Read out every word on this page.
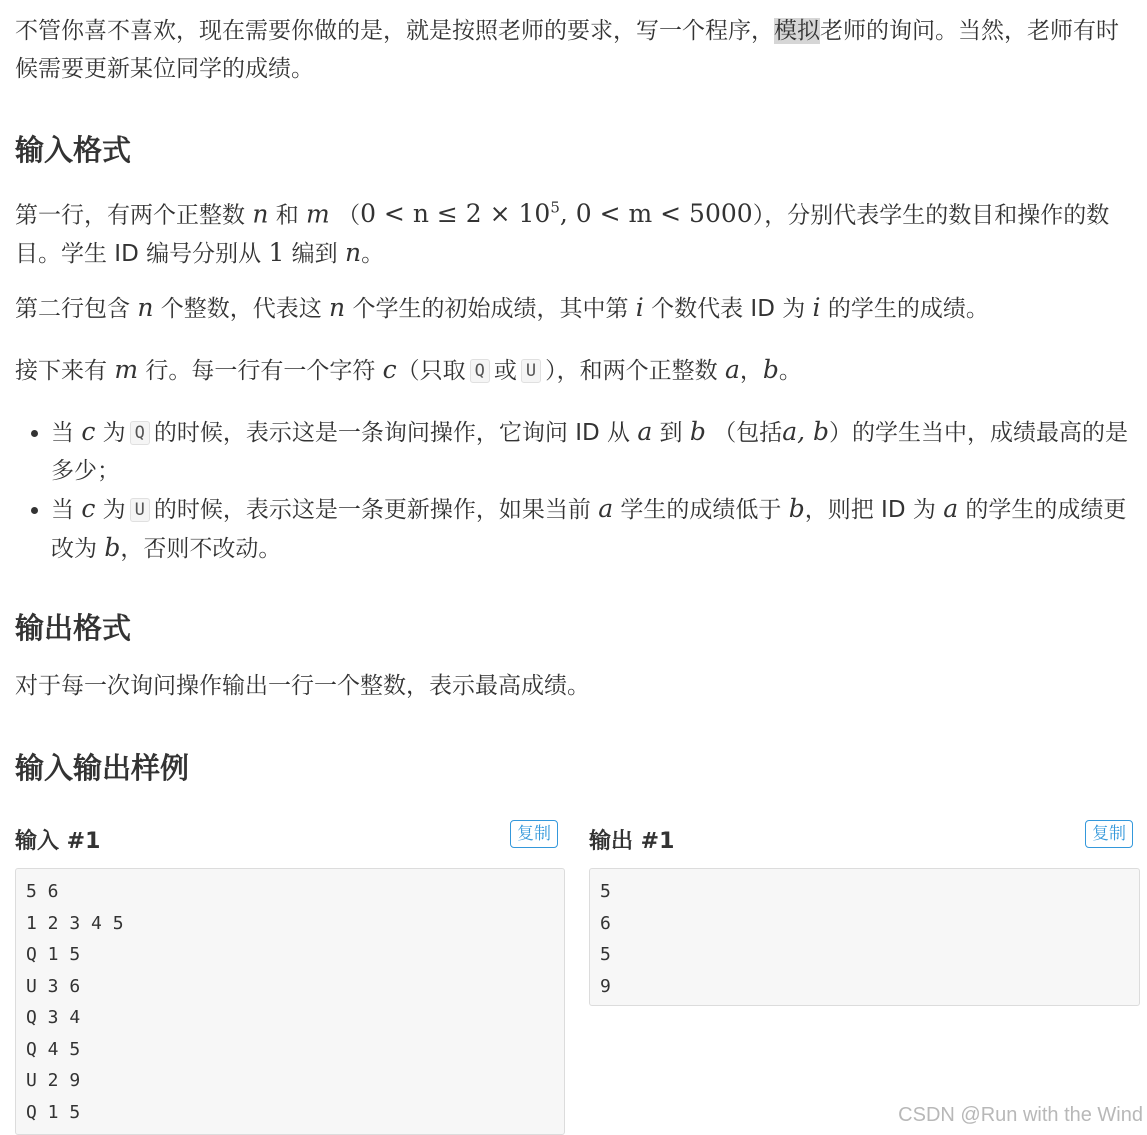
不管你喜不喜欢，现在需要你做的是，就是按照老师的要求，写一个程序，模拟老师的询问。当然，老师有时候需要更新某位同学的成绩。

输入格式

第一行，有两个正整数 n 和 m （$0 < n \le 2 \times 10^5$, 0 < m < 5000），分别代表学生的数目和操作的数目。学生 ID 编号分别从 1 编到 n。

第二行包含 n 个整数，代表这 n 个学生的初始成绩，其中第 i 个数代表 ID 为 i 的学生的成绩。

接下来有 m 行。每一行有一个字符 c（只取 Q 或 U ），和两个正整数 a，b。

• 当 c 为 Q 的时候，表示这是一条询问操作，它询问 ID 从 a 到 b （包括a, b）的学生当中，成绩最高的是多少；
• 当 c 为 U 的时候，表示这是一条更新操作，如果当前 a 学生的成绩低于 b，则把 ID 为 a 的学生的成绩更改为 b，否则不改动。
输出格式

对于每一次询问操作输出一行一个整数，表示最高成绩。

输入输出样例
输入 #1	复制
5 6
1 2 3 4 5
Q 1 5
U 3 6
Q 3 4
Q 4 5
U 2 9
Q 1 5
输出 #1	复制
5
6
5
9
CSDN @Run with the Wind
